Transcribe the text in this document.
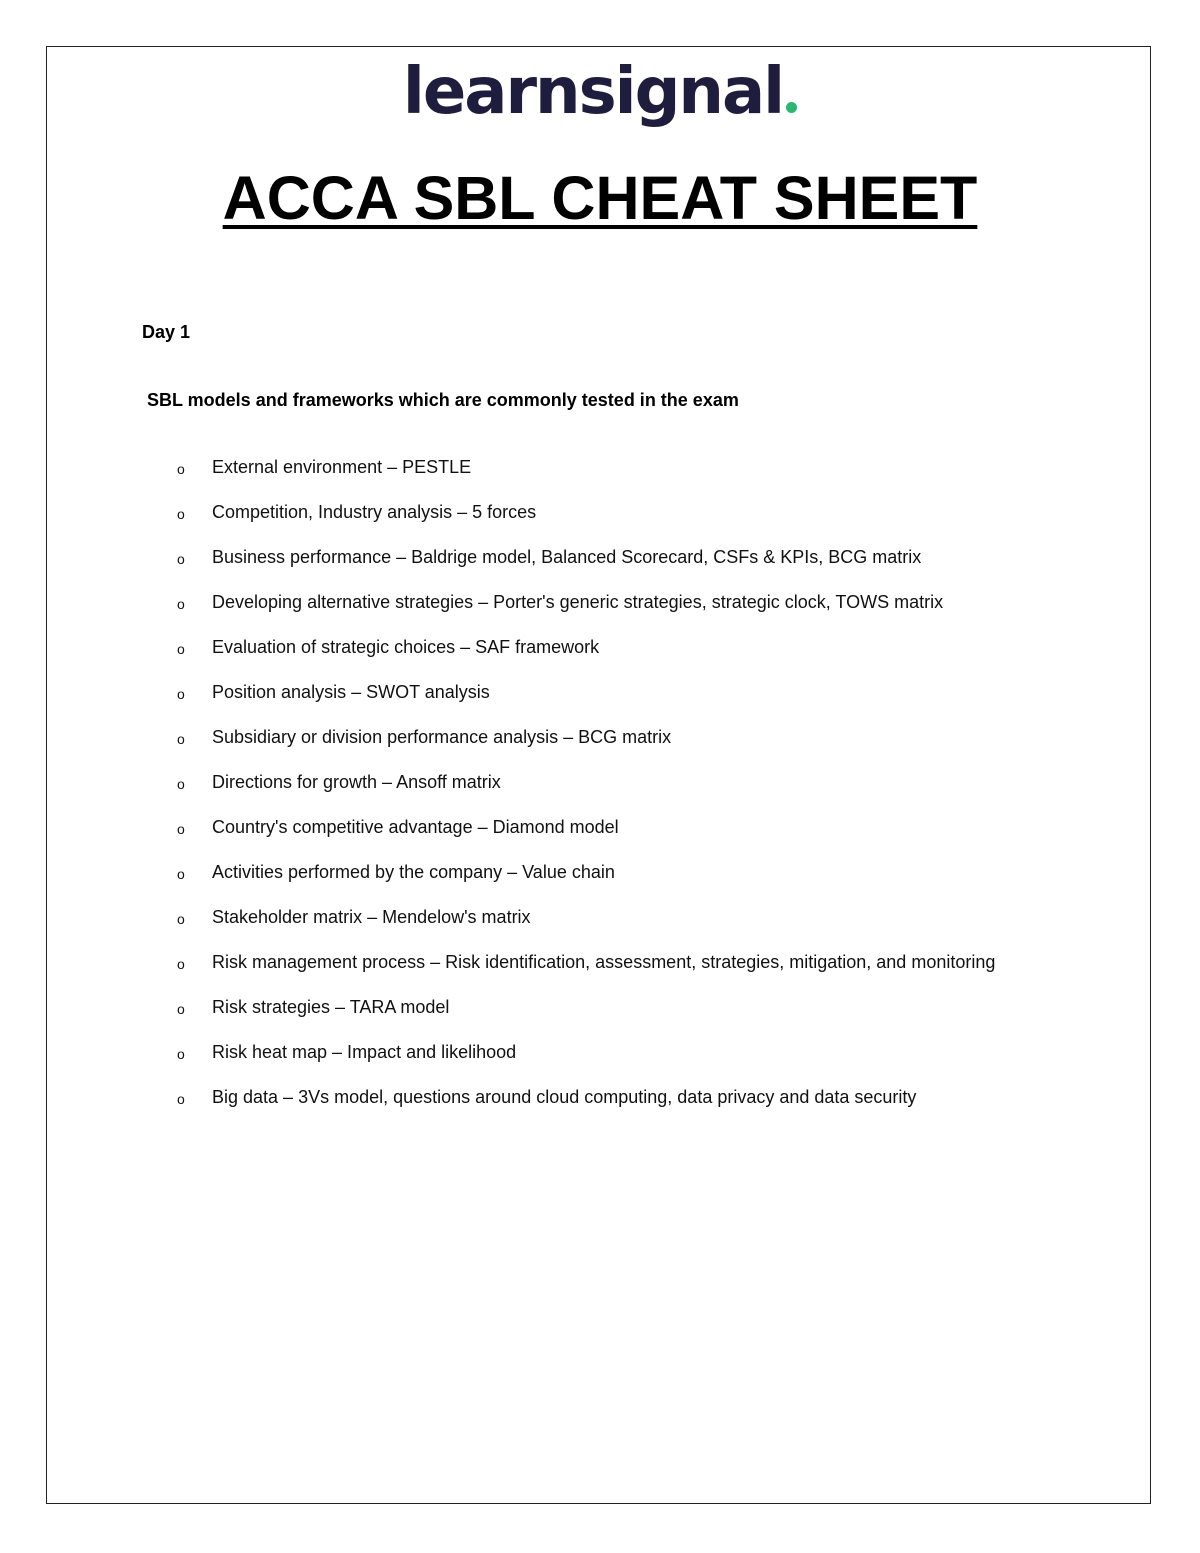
learnsignal
ACCA SBL CHEAT SHEET
Day 1
SBL models and frameworks which are commonly tested in the exam
o External environment – PESTLE
o Competition, Industry analysis – 5 forces
o Business performance – Baldrige model, Balanced Scorecard, CSFs & KPIs, BCG matrix
o Developing alternative strategies – Porter's generic strategies, strategic clock, TOWS matrix
o Evaluation of strategic choices – SAF framework
o Position analysis – SWOT analysis
o Subsidiary or division performance analysis – BCG matrix
o Directions for growth – Ansoff matrix
o Country's competitive advantage – Diamond model
o Activities performed by the company – Value chain
o Stakeholder matrix – Mendelow's matrix
o Risk management process – Risk identification, assessment, strategies, mitigation, and monitoring
o Risk strategies – TARA model
o Risk heat map – Impact and likelihood
o Big data – 3Vs model, questions around cloud computing, data privacy and data security
